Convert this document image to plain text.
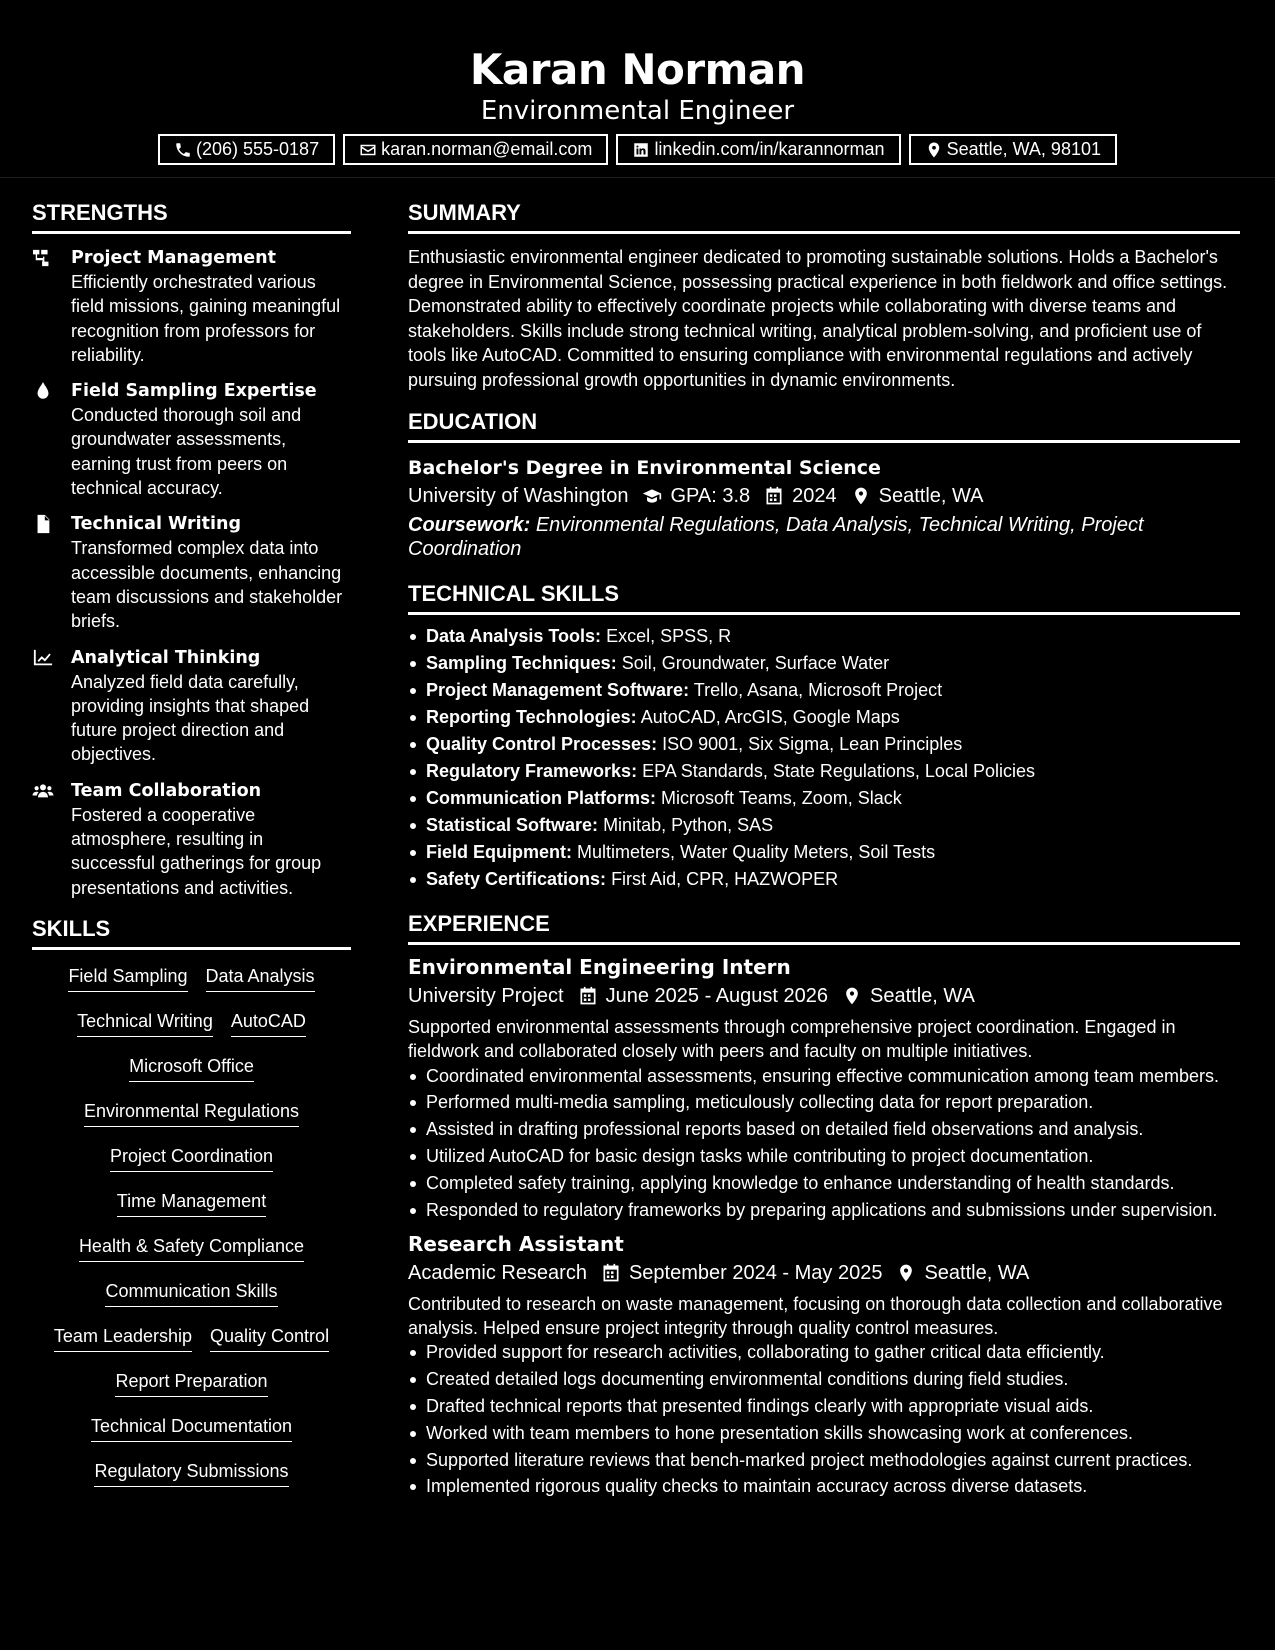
Karan Norman
Environmental Engineer
(206) 555-0187	karan.norman@email.com	linkedin.com/in/karannorman	Seattle, WA, 98101
STRENGTHS
Project Management
Efficiently orchestrated various field missions, gaining meaningful recognition from professors for reliability.
Field Sampling Expertise
Conducted thorough soil and groundwater assessments, earning trust from peers on technical accuracy.
Technical Writing
Transformed complex data into accessible documents, enhancing team discussions and stakeholder briefs.
Analytical Thinking
Analyzed field data carefully, providing insights that shaped future project direction and objectives.
Team Collaboration
Fostered a cooperative atmosphere, resulting in successful gatherings for group presentations and activities.
SKILLS
Field Sampling Data Analysis
Technical Writing AutoCAD
Microsoft Office
Environmental Regulations
Project Coordination
Time Management
Health & Safety Compliance
Communication Skills
Team Leadership Quality Control
Report Preparation
Technical Documentation
Regulatory Submissions
SUMMARY

Enthusiastic environmental engineer dedicated to promoting sustainable solutions. Holds a Bachelor's degree in Environmental Science, possessing practical experience in both fieldwork and office settings. Demonstrated ability to effectively coordinate projects while collaborating with diverse teams and stakeholders. Skills include strong technical writing, analytical problem-solving, and proficient use of tools like AutoCAD. Committed to ensuring compliance with environmental regulations and actively pursuing professional growth opportunities in dynamic environments.

EDUCATION
Bachelor's Degree in Environmental Science
University of Washington GPA: 3.8 2024 Seattle, WA
Coursework: Environmental Regulations, Data Analysis, Technical Writing, Project Coordination
TECHNICAL SKILLS
Data Analysis Tools: Excel, SPSS, R
Sampling Techniques: Soil, Groundwater, Surface Water
Project Management Software: Trello, Asana, Microsoft Project
Reporting Technologies: AutoCAD, ArcGIS, Google Maps
Quality Control Processes: ISO 9001, Six Sigma, Lean Principles
Regulatory Frameworks: EPA Standards, State Regulations, Local Policies
Communication Platforms: Microsoft Teams, Zoom, Slack
Statistical Software: Minitab, Python, SAS
Field Equipment: Multimeters, Water Quality Meters, Soil Tests
Safety Certifications: First Aid, CPR, HAZWOPER
EXPERIENCE
Environmental Engineering Intern
University Project June 2025 - August 2026 Seattle, WA

Supported environmental assessments through comprehensive project coordination. Engaged in fieldwork and collaborated closely with peers and faculty on multiple initiatives.

Coordinated environmental assessments, ensuring effective communication among team members.
Performed multi-media sampling, meticulously collecting data for report preparation.
Assisted in drafting professional reports based on detailed field observations and analysis.
Utilized AutoCAD for basic design tasks while contributing to project documentation.
Completed safety training, applying knowledge to enhance understanding of health standards.
Responded to regulatory frameworks by preparing applications and submissions under supervision.
Research Assistant
Academic Research September 2024 - May 2025 Seattle, WA

Contributed to research on waste management, focusing on thorough data collection and collaborative analysis. Helped ensure project integrity through quality control measures.

Provided support for research activities, collaborating to gather critical data efficiently.
Created detailed logs documenting environmental conditions during field studies.
Drafted technical reports that presented findings clearly with appropriate visual aids.
Worked with team members to hone presentation skills showcasing work at conferences.
Supported literature reviews that bench-marked project methodologies against current practices.
Implemented rigorous quality checks to maintain accuracy across diverse datasets.
